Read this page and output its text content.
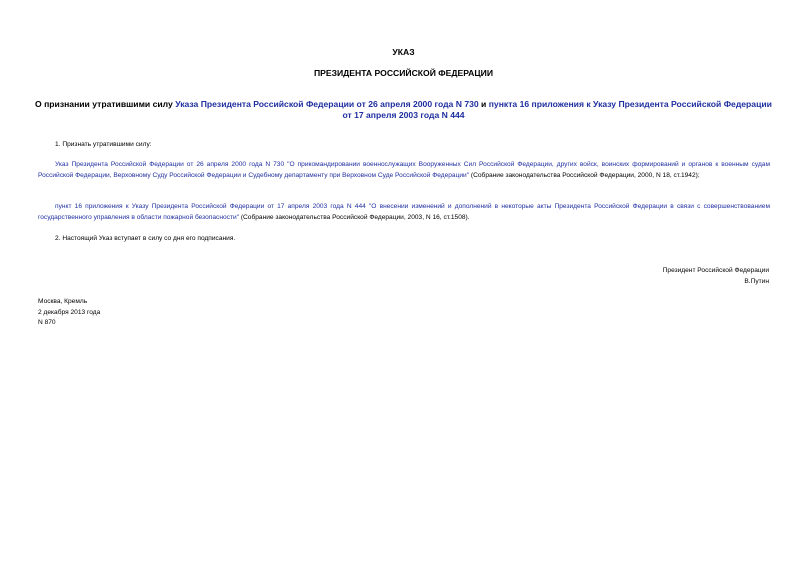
УКАЗ
ПРЕЗИДЕНТА РОССИЙСКОЙ ФЕДЕРАЦИИ
О признании утратившими силу Указа Президента Российской Федерации от 26 апреля 2000 года N 730 и пункта 16 приложения к Указу Президента Российской Федерации от 17 апреля 2003 года N 444
1. Признать утратившими силу:
Указ Президента Российской Федерации от 26 апреля 2000 года N 730 "О прикомандировании военнослужащих Вооруженных Сил Российской Федерации, других войск, воинских формирований и органов к военным судам Российской Федерации, Верховному Суду Российской Федерации и Судебному департаменту при Верховном Суде Российской Федерации" (Собрание законодательства Российской Федерации, 2000, N 18, ст.1942);
пункт 16 приложения к Указу Президента Российской Федерации от 17 апреля 2003 года N 444 "О внесении изменений и дополнений в некоторые акты Президента Российской Федерации в связи с совершенствованием государственного управления в области пожарной безопасности" (Собрание законодательства Российской Федерации, 2003, N 16, ст.1508).
2. Настоящий Указ вступает в силу со дня его подписания.
Президент Российской Федерации
В.Путин
Москва, Кремль
2 декабря 2013 года
N 870
